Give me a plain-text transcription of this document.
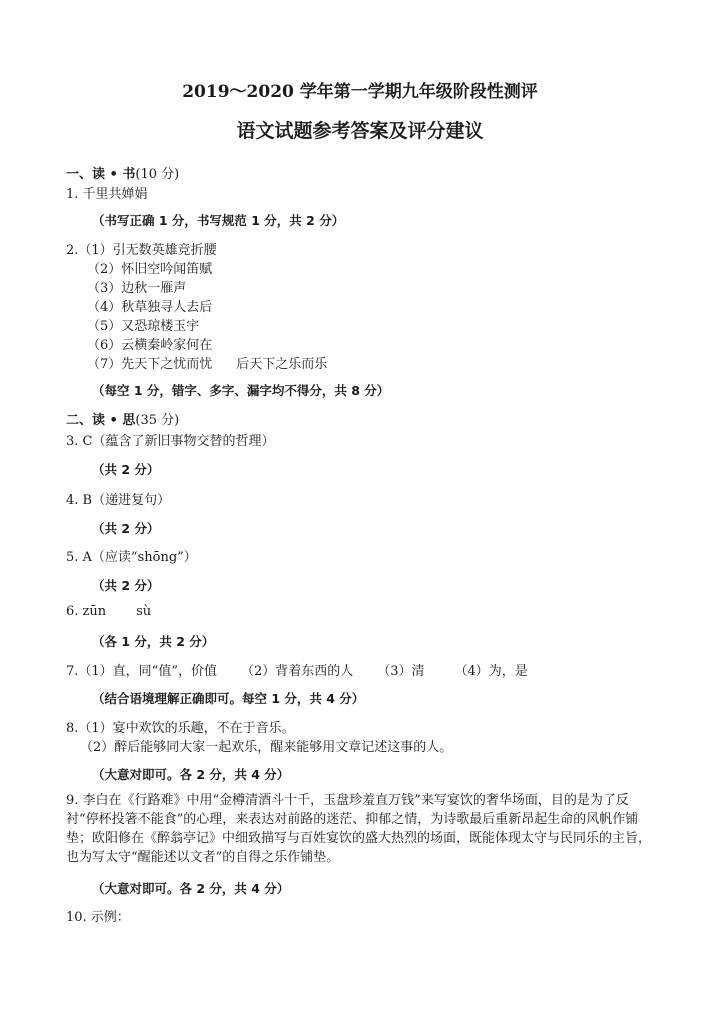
2019～2020 学年第一学期九年级阶段性测评
语文试题参考答案及评分建议
一、读 • 书(10 分)
1. 千里共婵娟
（书写正确 1 分，书写规范 1 分，共 2 分）
2.（1）引无数英雄竞折腰
（2）怀旧空吟闻笛赋
（3）边秋一雁声
（4）秋草独寻人去后
（5）又恐琼楼玉宇
（6）云横秦岭家何在
（7）先天下之忧而忧 后天下之乐而乐
（每空 1 分，错字、多字、漏字均不得分，共 8 分）
二、读 • 思(35 分)
3. C（蕴含了新旧事物交替的哲理）
（共 2 分）
4. B（递进复句）
（共 2 分）
5. A（应读“shōng”）
（共 2 分）
6. zūn sù
（各 1 分，共 2 分）
7.（1）直，同“值”，价值 （2）背着东西的人 （3）清 （4）为，是
（结合语境理解正确即可。每空 1 分，共 4 分）
8.（1）宴中欢饮的乐趣，不在于音乐。
（2）醉后能够同大家一起欢乐，醒来能够用文章记述这事的人。
（大意对即可。各 2 分，共 4 分）
9. 李白在《行路难》中用“金樽清酒斗十千，玉盘珍羞直万钱”来写宴饮的奢华场面，目的是为了反衬“停杯投箸不能食”的心理，来表达对前路的迷茫、抑郁之情，为诗歌最后重新昂起生命的风帆作铺垫；欧阳修在《醉翁亭记》中细致描写与百姓宴饮的盛大热烈的场面，既能体现太守与民同乐的主旨，也为写太守“醒能述以文者”的自得之乐作铺垫。
（大意对即可。各 2 分，共 4 分）
10. 示例：
